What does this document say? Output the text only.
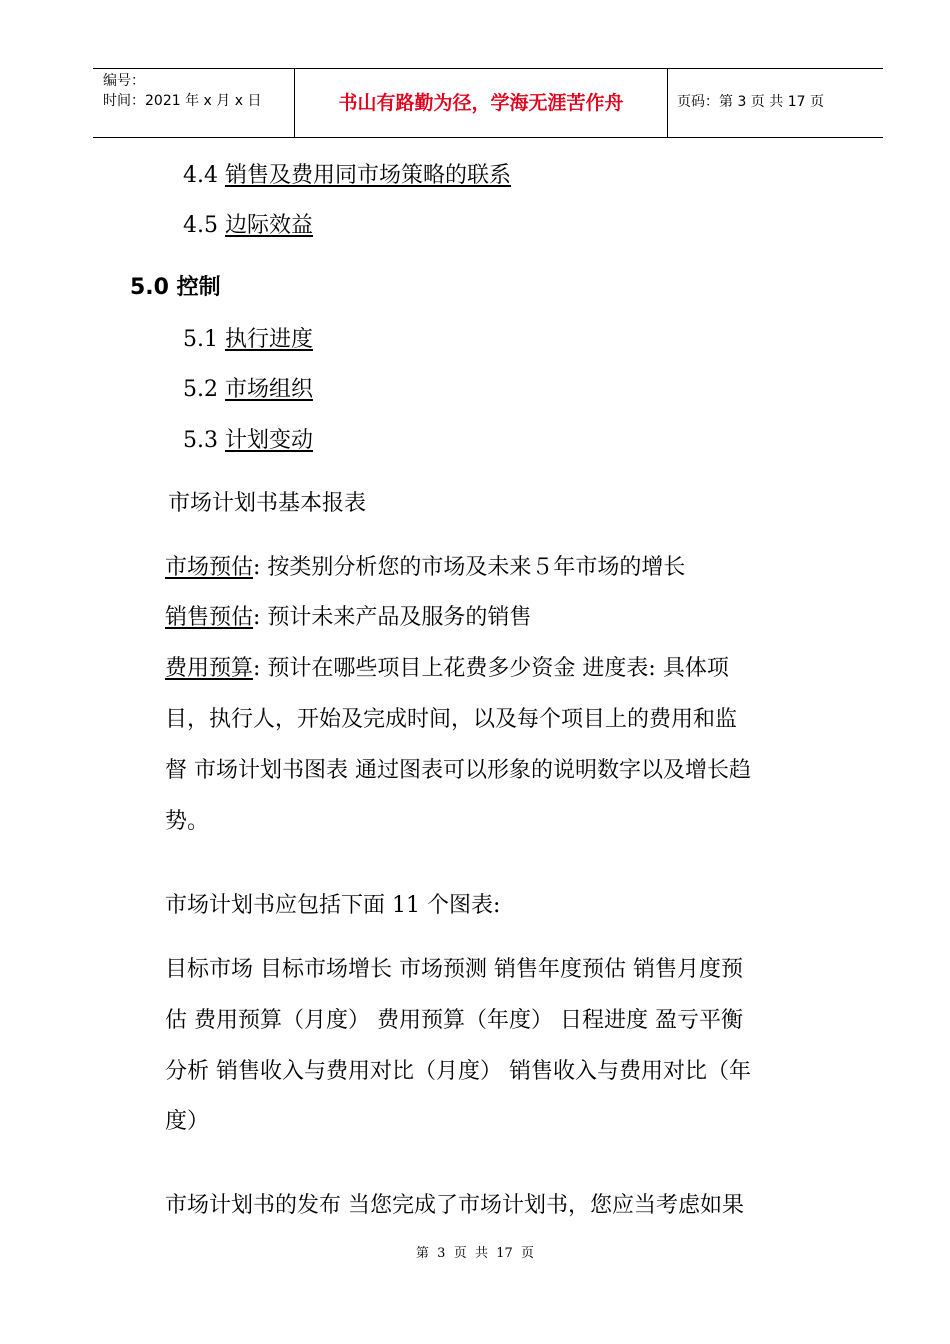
编号：
时间：2021 年 x 月 x 日	书山有路勤为径，学海无涯苦作舟	页码：第 3 页 共 17 页
4.4 销售及费用同市场策略的联系
4.5 边际效益
5.0 控制
5.1 执行进度
5.2 市场组织
5.3 计划变动
市场计划书基本报表
市场预估: 按类别分析您的市场及未来５年市场的增长
销售预估: 预计未来产品及服务的销售
费用预算: 预计在哪些项目上花费多少资金 进度表: 具体项
目，执行人，开始及完成时间，以及每个项目上的费用和监
督 市场计划书图表 通过图表可以形象的说明数字以及增长趋
势。
市场计划书应包括下面 11 个图表:
目标市场 目标市场增长 市场预测 销售年度预估 销售月度预
估 费用预算（月度） 费用预算（年度） 日程进度 盈亏平衡
分析 销售收入与费用对比（月度） 销售收入与费用对比（年
度）
市场计划书的发布 当您完成了市场计划书，您应当考虑如果
第  3  页  共  17  页
